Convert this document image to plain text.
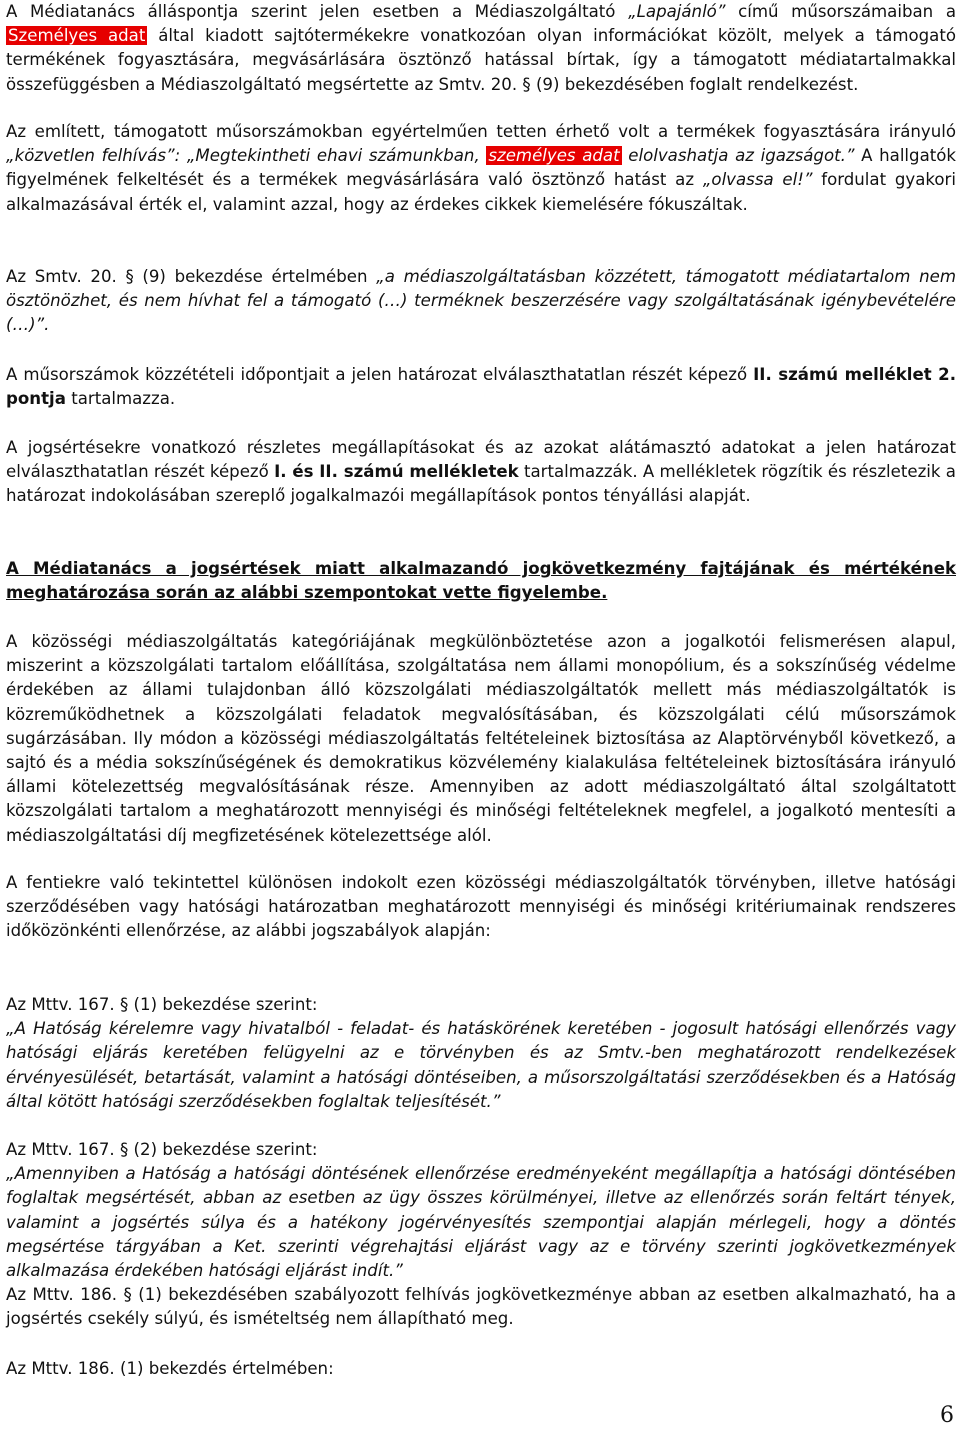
A Médiatanács álláspontja szerint jelen esetben a Médiaszolgáltató „Lapajánló” című műsorszámaiban a Személyes adat által kiadott sajtótermékekre vonatkozóan olyan információkat közölt, melyek a támogató termékének fogyasztására, megvásárlására ösztönző hatással bírtak, így a támogatott médiatartalmakkal összefüggésben a Médiaszolgáltató megsértette az Smtv. 20. § (9) bekezdésében foglalt rendelkezést.

Az említett, támogatott műsorszámokban egyértelműen tetten érhető volt a termékek fogyasztására irányuló „közvetlen felhívás”: „Megtekintheti ehavi számunkban, személyes adat elolvashatja az igazságot.” A hallgatók figyelmének felkeltését és a termékek megvásárlására való ösztönző hatást az „olvassa el!” fordulat gyakori alkalmazásával érték el, valamint azzal, hogy az érdekes cikkek kiemelésére fókuszáltak.

Az Smtv. 20. § (9) bekezdése értelmében „a médiaszolgáltatásban közzétett, támogatott médiatartalom nem ösztönözhet, és nem hívhat fel a támogató (…) terméknek beszerzésére vagy szolgáltatásának igénybevételére (…)”.

A műsorszámok közzétételi időpontjait a jelen határozat elválaszthatatlan részét képező II. számú melléklet 2. pontja tartalmazza.

A jogsértésekre vonatkozó részletes megállapításokat és az azokat alátámasztó adatokat a jelen határozat elválaszthatatlan részét képező I. és II. számú mellékletek tartalmazzák. A mellékletek rögzítik és részletezik a határozat indokolásában szereplő jogalkalmazói megállapítások pontos tényállási alapját.

A Médiatanács a jogsértések miatt alkalmazandó jogkövetkezmény fajtájának és mértékének meghatározása során az alábbi szempontokat vette figyelembe.

A közösségi médiaszolgáltatás kategóriájának megkülönböztetése azon a jogalkotói felismerésen alapul, miszerint a közszolgálati tartalom előállítása, szolgáltatása nem állami monopólium, és a sokszínűség védelme érdekében az állami tulajdonban álló közszolgálati médiaszolgáltatók mellett más médiaszolgáltatók is közreműködhetnek a közszolgálati feladatok megvalósításában, és közszolgálati célú műsorszámok sugárzásában. Ily módon a közösségi médiaszolgáltatás feltételeinek biztosítása az Alaptörvényből következő, a sajtó és a média sokszínűségének és demokratikus közvélemény kialakulása feltételeinek biztosítására irányuló állami kötelezettség megvalósításának része. Amennyiben az adott médiaszolgáltató által szolgáltatott közszolgálati tartalom a meghatározott mennyiségi és minőségi feltételeknek megfelel, a jogalkotó mentesíti a médiaszolgáltatási díj megfizetésének kötelezettsége alól.

A fentiekre való tekintettel különösen indokolt ezen közösségi médiaszolgáltatók törvényben, illetve hatósági szerződésében vagy hatósági határozatban meghatározott mennyiségi és minőségi kritériumainak rendszeres időközönkénti ellenőrzése, az alábbi jogszabályok alapján:

Az Mttv. 167. § (1) bekezdése szerint:

„A Hatóság kérelemre vagy hivatalból - feladat- és hatáskörének keretében - jogosult hatósági ellenőrzés vagy hatósági eljárás keretében felügyelni az e törvényben és az Smtv.-ben meghatározott rendelkezések érvényesülését, betartását, valamint a hatósági döntéseiben, a műsorszolgáltatási szerződésekben és a Hatóság által kötött hatósági szerződésekben foglaltak teljesítését.”

Az Mttv. 167. § (2) bekezdése szerint:

„Amennyiben a Hatóság a hatósági döntésének ellenőrzése eredményeként megállapítja a hatósági döntésében foglaltak megsértését, abban az esetben az ügy összes körülményei, illetve az ellenőrzés során feltárt tények, valamint a jogsértés súlya és a hatékony jogérvényesítés szempontjai alapján mérlegeli, hogy a döntés megsértése tárgyában a Ket. szerinti végrehajtási eljárást vagy az e törvény szerinti jogkövetkezmények alkalmazása érdekében hatósági eljárást indít.”

Az Mttv. 186. § (1) bekezdésében szabályozott felhívás jogkövetkezménye abban az esetben alkalmazható, ha a jogsértés csekély súlyú, és ismételtség nem állapítható meg.

Az Mttv. 186. (1) bekezdés értelmében:

6
